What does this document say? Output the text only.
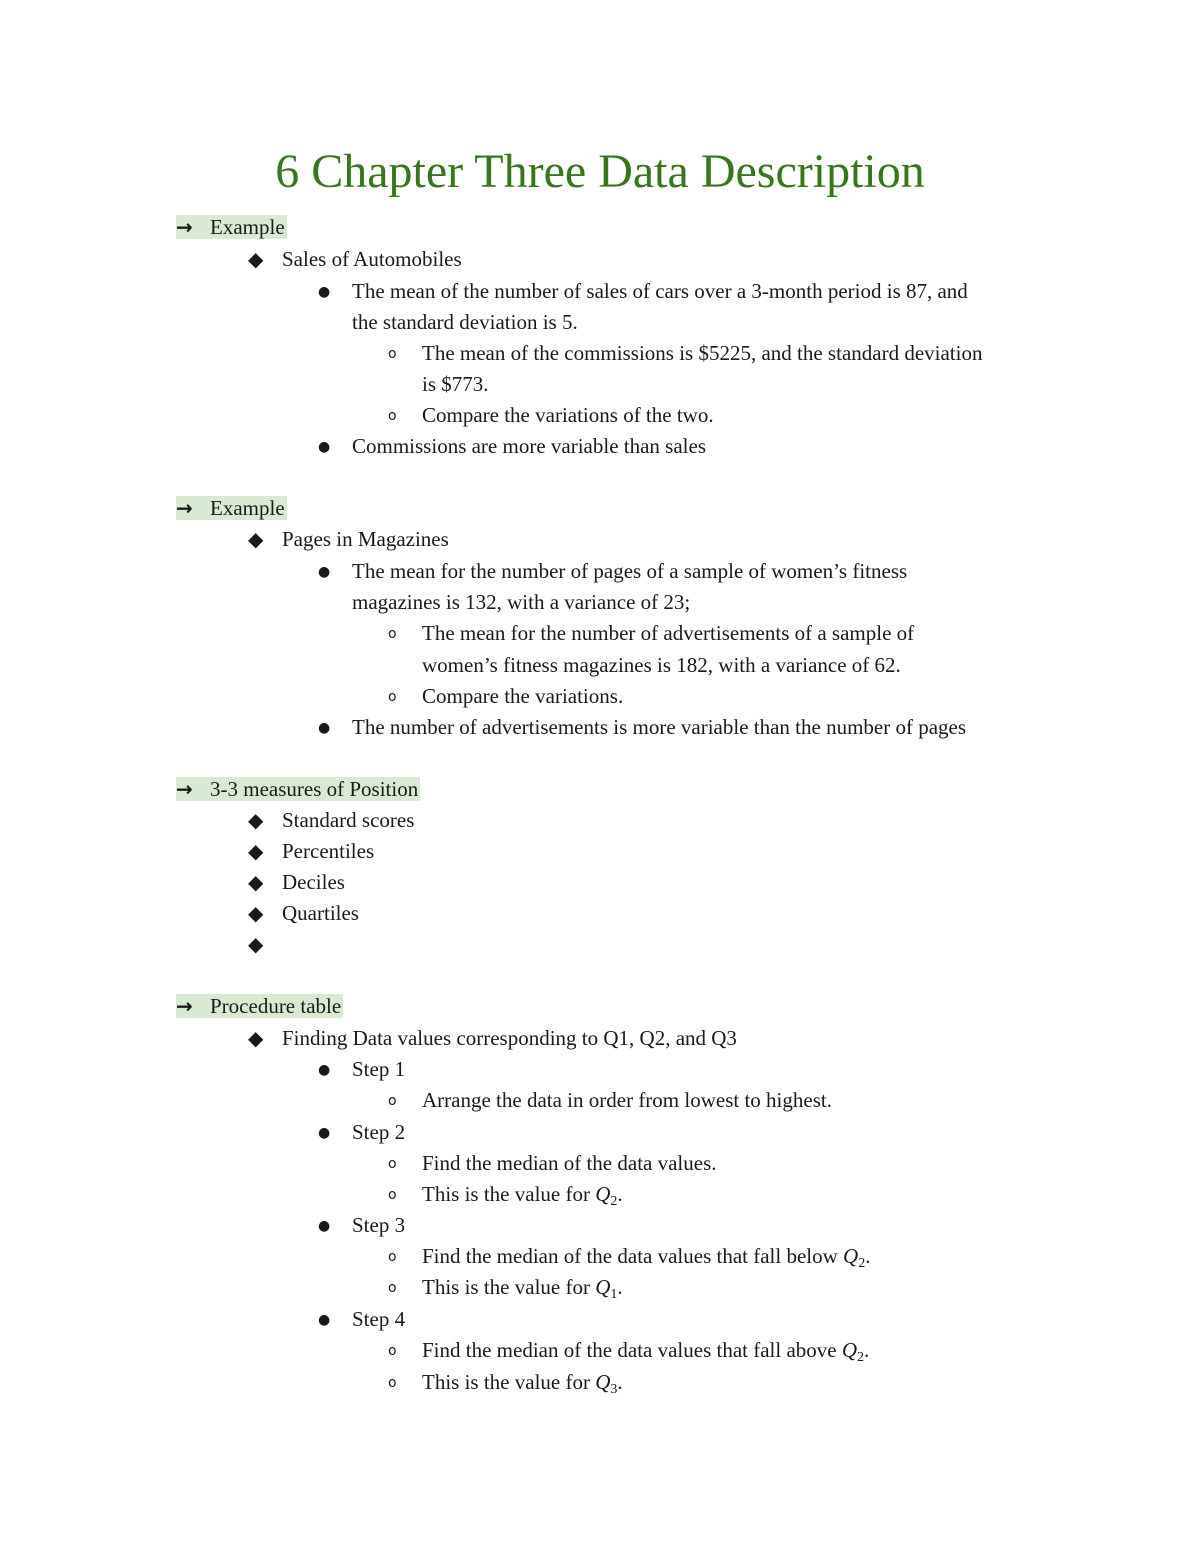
6 Chapter Three Data Description
→ Example
◆ Sales of Automobiles
● The mean of the number of sales of cars over a 3-month period is 87, and
the standard deviation is 5.
o The mean of the commissions is $5225, and the standard deviation
is $773.
o Compare the variations of the two.
● Commissions are more variable than sales
→ Example
◆ Pages in Magazines
● The mean for the number of pages of a sample of women’s fitness
magazines is 132, with a variance of 23;
o The mean for the number of advertisements of a sample of
women’s fitness magazines is 182, with a variance of 62.
o Compare the variations.
● The number of advertisements is more variable than the number of pages
→ 3-3 measures of Position
◆ Standard scores
◆ Percentiles
◆ Deciles
◆ Quartiles
◆
→ Procedure table
◆ Finding Data values corresponding to Q1, Q2, and Q3
● Step 1
o Arrange the data in order from lowest to highest.
● Step 2
o Find the median of the data values.
o This is the value for $Q_2$.
● Step 3
o Find the median of the data values that fall below $Q_2$.
o This is the value for $Q_1$.
● Step 4
o Find the median of the data values that fall above $Q_2$.
o This is the value for $Q_3$.
